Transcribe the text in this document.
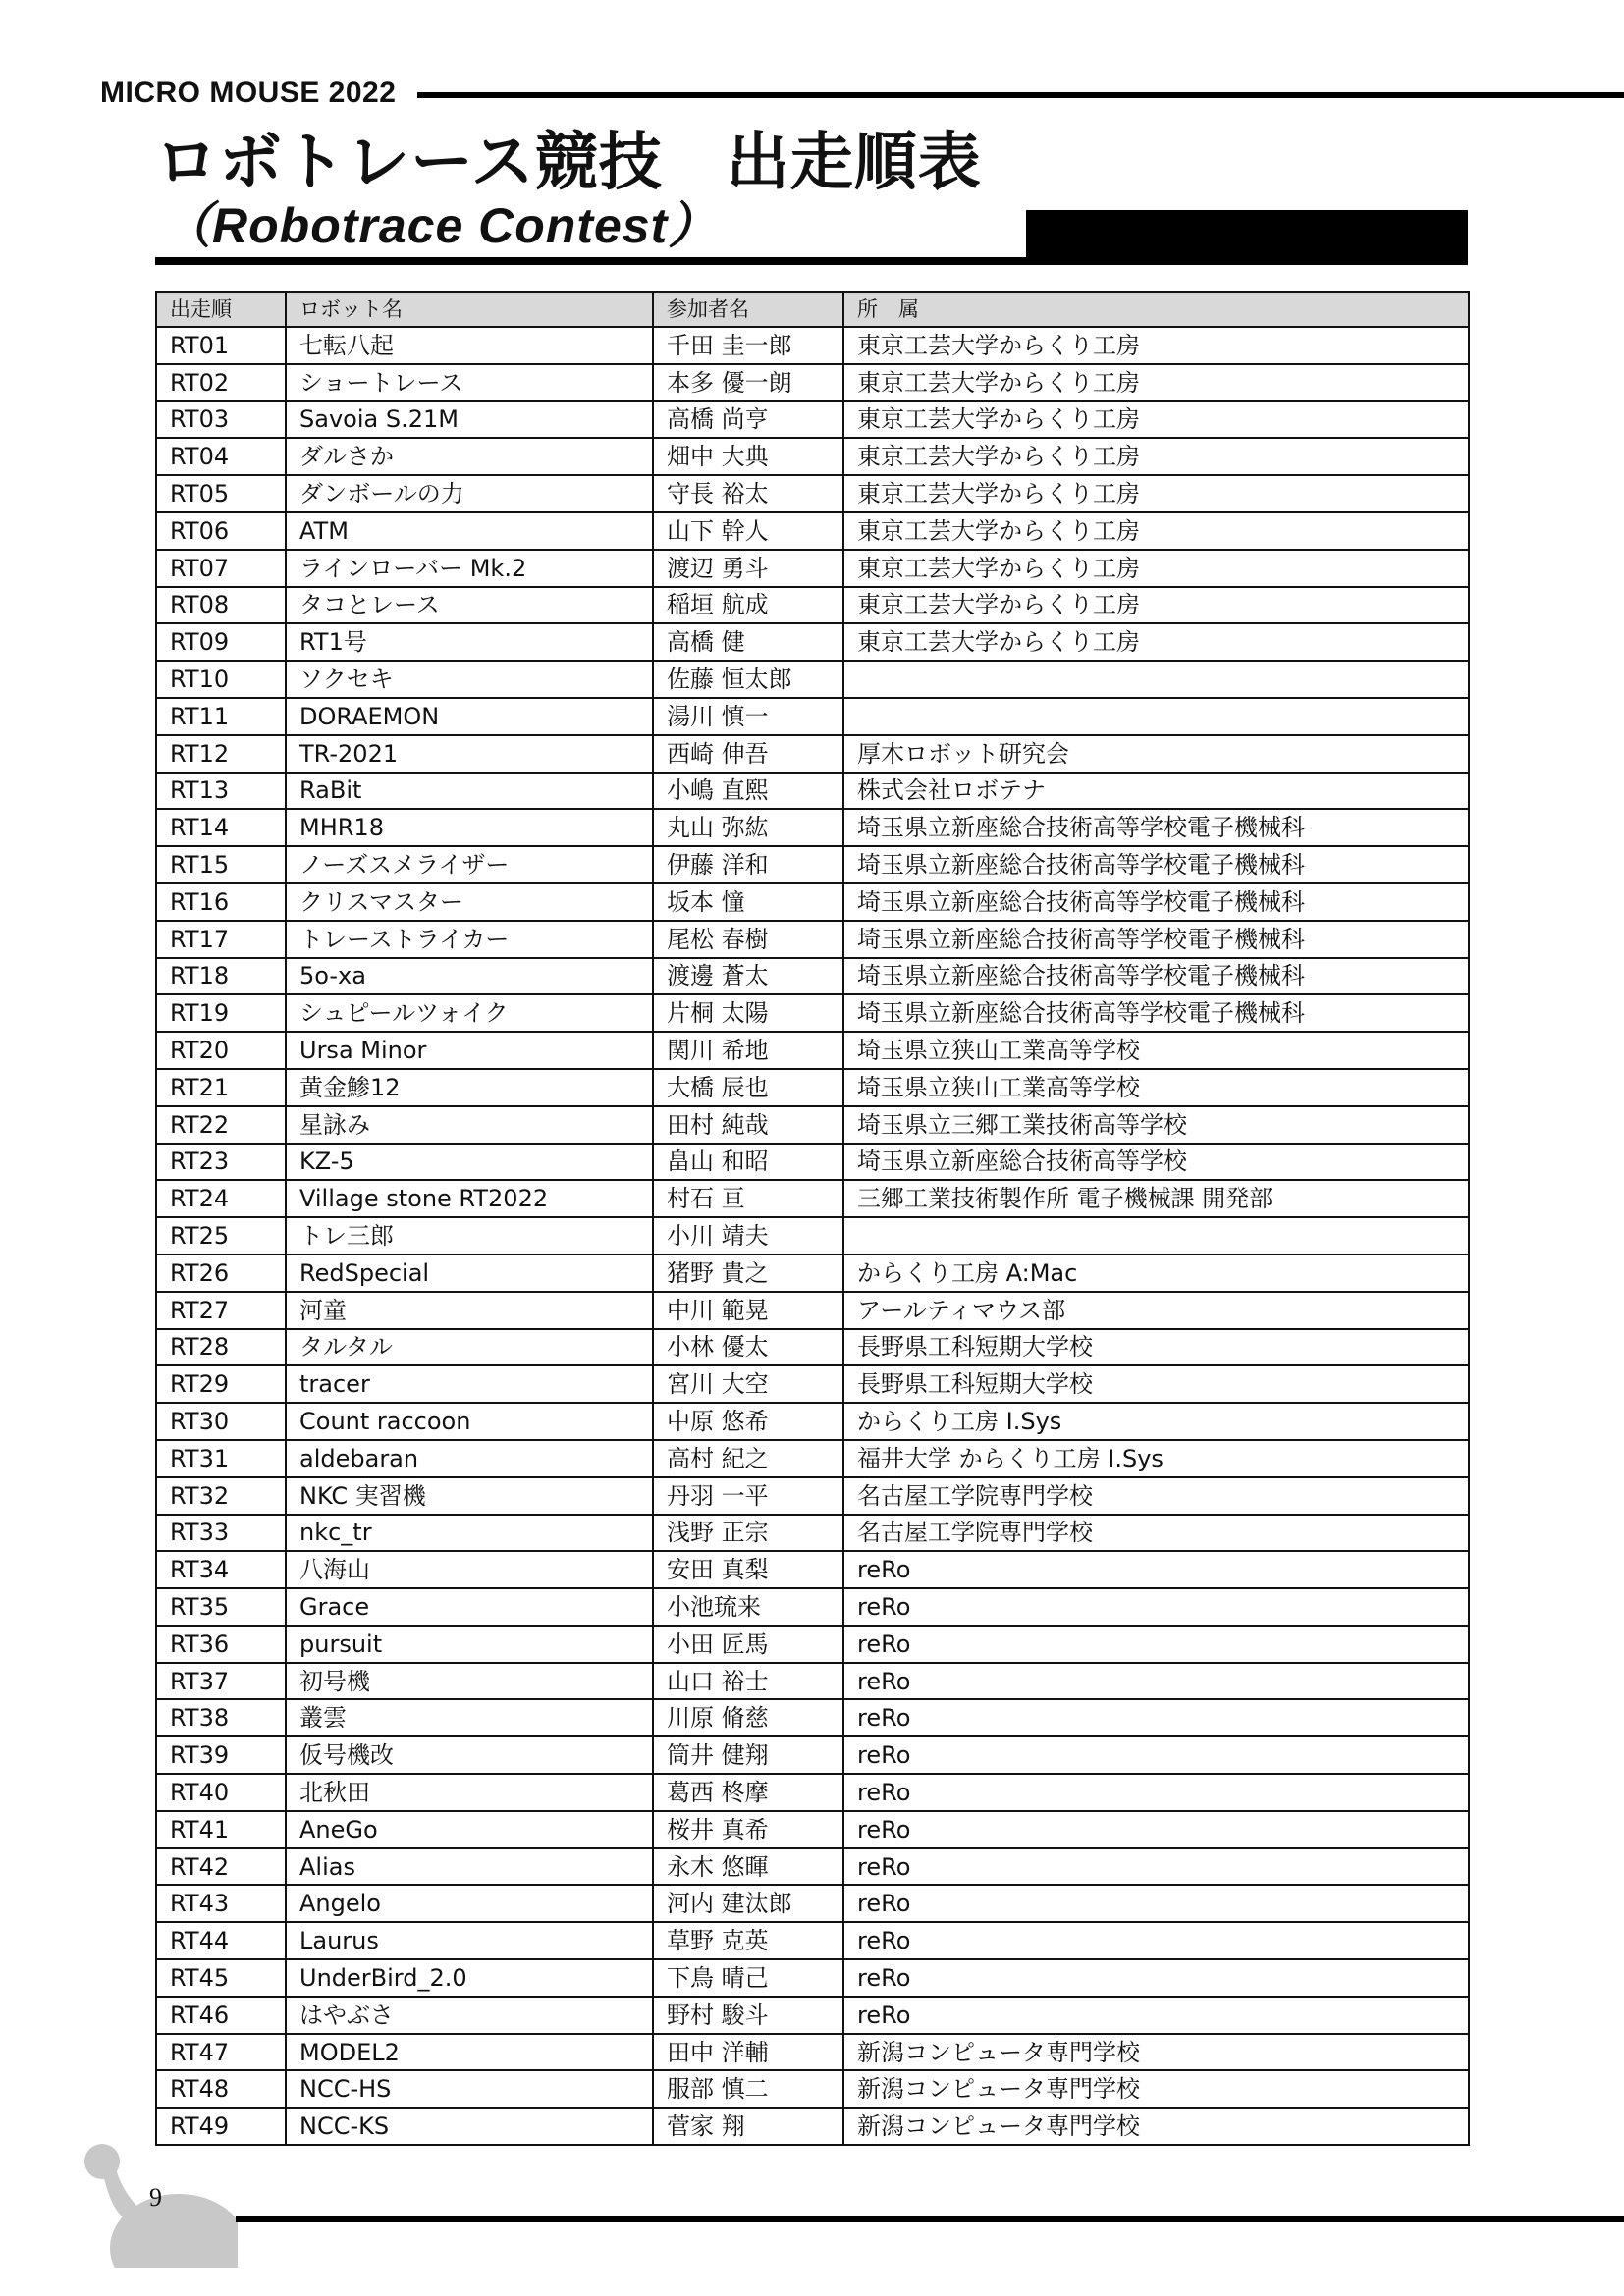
MICRO MOUSE 2022
ロボトレース競技　出走順表
（Robotrace Contest）
出走順	ロボット名	参加者名	所　属
RT01	七転八起	千田 圭一郎	東京工芸大学からくり工房
RT02	ショートレース	本多 優一朗	東京工芸大学からくり工房
RT03	Savoia S.21M	高橋 尚亨	東京工芸大学からくり工房
RT04	ダルさか	畑中 大典	東京工芸大学からくり工房
RT05	ダンボールの力	守長 裕太	東京工芸大学からくり工房
RT06	ATM	山下 幹人	東京工芸大学からくり工房
RT07	ラインローバー Mk.2	渡辺 勇斗	東京工芸大学からくり工房
RT08	タコとレース	稲垣 航成	東京工芸大学からくり工房
RT09	RT1号	高橋 健	東京工芸大学からくり工房
RT10	ソクセキ	佐藤 恒太郎	
RT11	DORAEMON	湯川 慎一	
RT12	TR-2021	西崎 伸吾	厚木ロボット研究会
RT13	RaBit	小嶋 直熙	株式会社ロボテナ
RT14	MHR18	丸山 弥紘	埼玉県立新座総合技術高等学校電子機械科
RT15	ノーズスメライザー	伊藤 洋和	埼玉県立新座総合技術高等学校電子機械科
RT16	クリスマスター	坂本 憧	埼玉県立新座総合技術高等学校電子機械科
RT17	トレーストライカー	尾松 春樹	埼玉県立新座総合技術高等学校電子機械科
RT18	5o-xa	渡邊 蒼太	埼玉県立新座総合技術高等学校電子機械科
RT19	シュピールツォイク	片桐 太陽	埼玉県立新座総合技術高等学校電子機械科
RT20	Ursa Minor	関川 希地	埼玉県立狭山工業高等学校
RT21	黄金鯵12	大橋 辰也	埼玉県立狭山工業高等学校
RT22	星詠み	田村 純哉	埼玉県立三郷工業技術高等学校
RT23	KZ-5	畠山 和昭	埼玉県立新座総合技術高等学校
RT24	Village stone RT2022	村石 亘	三郷工業技術製作所 電子機械課 開発部
RT25	トレ三郎	小川 靖夫	
RT26	RedSpecial	猪野 貴之	からくり工房 A:Mac
RT27	河童	中川 範晃	アールティマウス部
RT28	タルタル	小林 優太	長野県工科短期大学校
RT29	tracer	宮川 大空	長野県工科短期大学校
RT30	Count raccoon	中原 悠希	からくり工房 I.Sys
RT31	aldebaran	高村 紀之	福井大学 からくり工房 I.Sys
RT32	NKC 実習機	丹羽 一平	名古屋工学院専門学校
RT33	nkc_tr	浅野 正宗	名古屋工学院専門学校
RT34	八海山	安田 真梨	reRo
RT35	Grace	小池琉来	reRo
RT36	pursuit	小田 匠馬	reRo
RT37	初号機	山口 裕士	reRo
RT38	叢雲	川原 脩慈	reRo
RT39	仮号機改	筒井 健翔	reRo
RT40	北秋田	葛西 柊摩	reRo
RT41	AneGo	桜井 真希	reRo
RT42	Alias	永木 悠暉	reRo
RT43	Angelo	河内 建汰郎	reRo
RT44	Laurus	草野 克英	reRo
RT45	UnderBird_2.0	下鳥 晴己	reRo
RT46	はやぶさ	野村 駿斗	reRo
RT47	MODEL2	田中 洋輔	新潟コンピュータ専門学校
RT48	NCC-HS	服部 慎二	新潟コンピュータ専門学校
RT49	NCC-KS	菅家 翔	新潟コンピュータ専門学校
9
